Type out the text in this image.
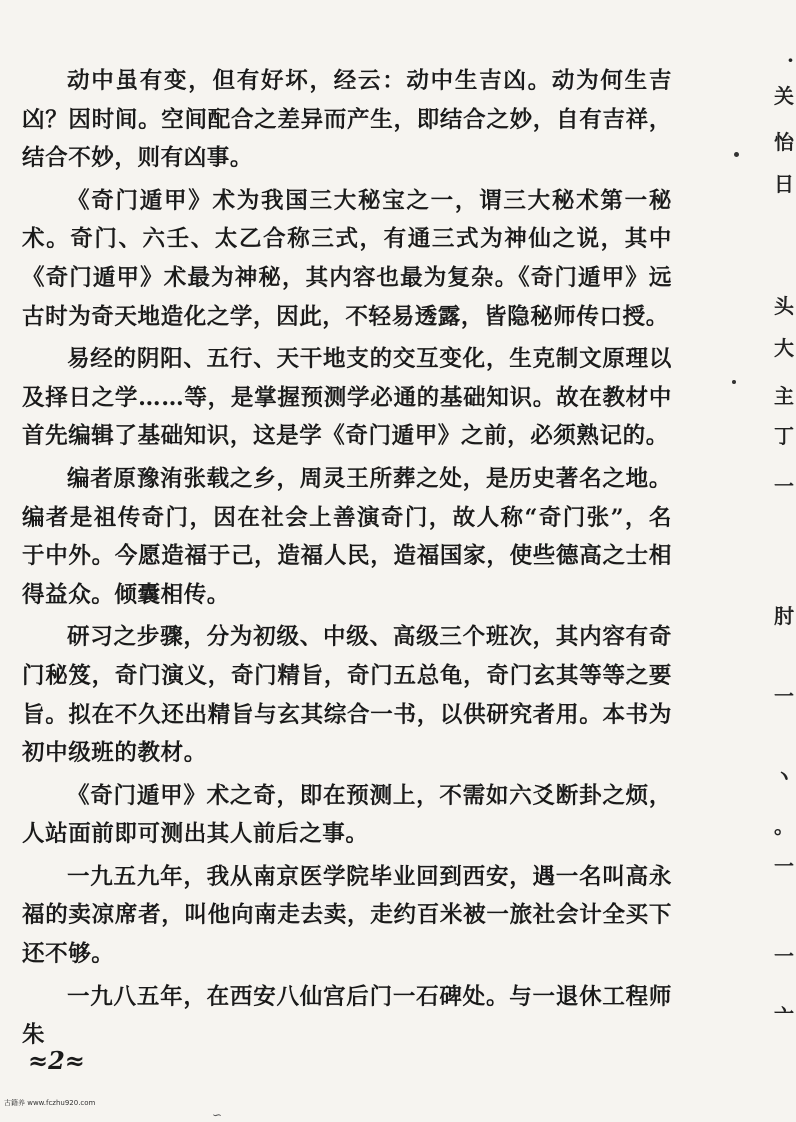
动中虽有变，但有好坏，经云：动中生吉凶。动为何生吉凶？因时间。空间配合之差异而产生，即结合之妙，自有吉祥，结合不妙，则有凶事。

《奇门遁甲》术为我国三大秘宝之一，谓三大秘术第一秘术。奇门、六壬、太乙合称三式，有通三式为神仙之说，其中《奇门遁甲》术最为神秘，其内容也最为复杂。《奇门遁甲》远古时为奇天地造化之学，因此，不轻易透露，皆隐秘师传口授。

易经的阴阳、五行、天干地支的交互变化，生克制文原理以及择日之学……等，是掌握预测学必通的基础知识。故在教材中首先编辑了基础知识，这是学《奇门遁甲》之前，必须熟记的。

编者原豫洧张载之乡，周灵王所葬之处，是历史著名之地。编者是祖传奇门，因在社会上善演奇门，故人称“奇门张”，名于中外。今愿造福于己，造福人民，造福国家，使些德高之士相得益众。倾囊相传。

研习之步骤，分为初级、中级、高级三个班次，其内容有奇门秘笈，奇门演义，奇门精旨，奇门五总龟，奇门玄其等等之要旨。拟在不久还出精旨与玄其综合一书，以供研究者用。本书为初中级班的教材。

《奇门遁甲》术之奇，即在预测上，不需如六爻断卦之烦，人站面前即可测出其人前后之事。

一九五九年，我从南京医学院毕业回到西安，遇一名叫高永福的卖凉席者，叫他向南走去卖，走约百米被一旅社会计全买下还不够。

一九八五年，在西安八仙宫后门一石碑处。与一退休工程师朱

·
关
怡
日
头
大
主
丁
一
肘
一
ヽ
。
一
一
亠
≈2≈
古籍养 www.fczhu920.com
∽
